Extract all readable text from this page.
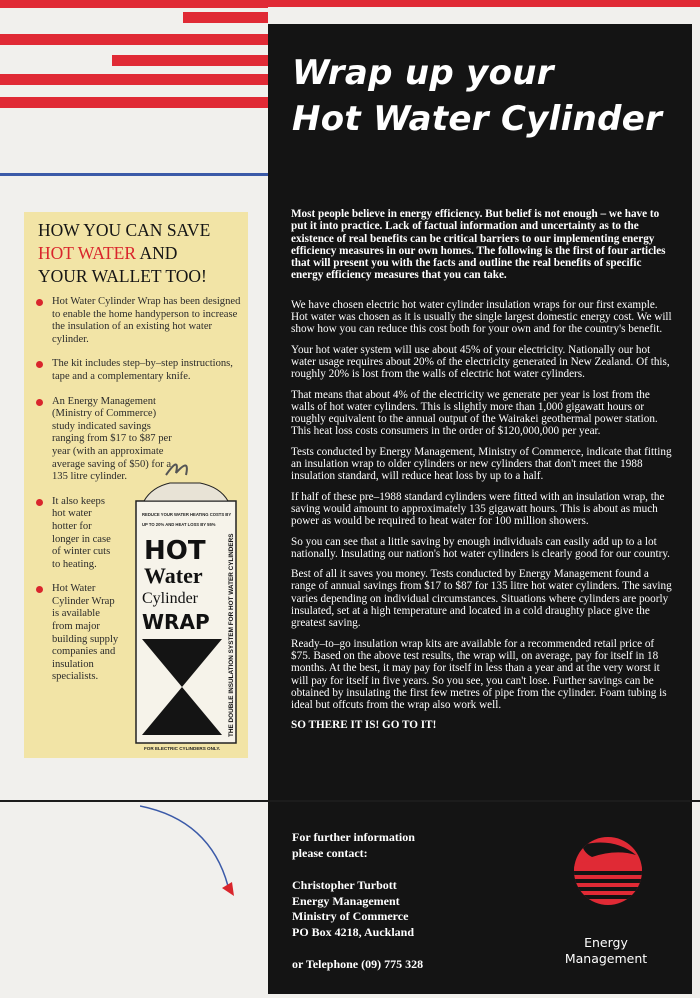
Wrap up your
Hot Water Cylinder
HOW YOU CAN SAVE
HOT WATER AND
YOUR WALLET TOO!
Hot Water Cylinder Wrap has been designed to enable the home handyperson to increase the insulation of an existing hot water cylinder.
The kit includes step–by–step instructions, tape and a complementary knife.
An Energy Management (Ministry of Commerce) study indicated savings ranging from $17 to $87 per year (with an approximate average saving of $50) for a 135 litre cylinder.
It also keeps hot water hotter for longer in case of winter cuts to heating.
Hot Water Cylinder Wrap is available from major building supply companies and insulation specialists.
REDUCE YOUR WATER HEATING COSTS BY
UP TO 20% AND HEAT LOSS BY 55%
HOT
Water
Cylinder
WRAP	THE DOUBLE INSULATION SYSTEM FOR HOT WATER CYLINDERS
FOR ELECTRIC CYLINDERS ONLY.

Most people believe in energy efficiency. But belief is not enough – we have to put it into practice. Lack of factual information and uncertainty as to the existence of real benefits can be critical barriers to our implementing energy efficiency measures in our own homes. The following is the first of four articles that will present you with the facts and outline the real benefits of specific energy efficiency measures that you can take.

We have chosen electric hot water cylinder insulation wraps for our first example. Hot water was chosen as it is usually the single largest domestic energy cost. We will show how you can reduce this cost both for your own and for the country's benefit.

Your hot water system will use about 45% of your electricity. Nationally our hot water usage requires about 20% of the electricity generated in New Zealand. Of this, roughly 20% is lost from the walls of electric hot water cylinders.

That means that about 4% of the electricity we generate per year is lost from the walls of hot water cylinders. This is slightly more than 1,000 gigawatt hours or roughly equivalent to the annual output of the Wairakei geothermal power station. This heat loss costs consumers in the order of $120,000,000 per year.

Tests conducted by Energy Management, Ministry of Commerce, indicate that fitting an insulation wrap to older cylinders or new cylinders that don't meet the 1988 insulation standard, will reduce heat loss by up to a half.

If half of these pre–1988 standard cylinders were fitted with an insulation wrap, the saving would amount to approximately 135 gigawatt hours. This is about as much power as would be required to heat water for 100 million showers.

So you can see that a little saving by enough individuals can easily add up to a lot nationally. Insulating our nation's hot water cylinders is clearly good for our country.

Best of all it saves you money. Tests conducted by Energy Management found a range of annual savings from $17 to $87 for 135 litre hot water cylinders. The saving varies depending on individual circumstances. Situations where cylinders are poorly insulated, set at a high temperature and located in a cold draughty place give the greatest saving.

Ready–to–go insulation wrap kits are available for a recommended retail price of $75. Based on the above test results, the wrap will, on average, pay for itself in 18 months. At the best, it may pay for itself in less than a year and at the very worst it will pay for itself in five years. So you see, you can't lose. Further savings can be obtained by insulating the first few metres of pipe from the cylinder. Foam tubing is ideal but offcuts from the wrap also work well.

SO THERE IT IS! GO TO IT!

For further information
please contact:
Christopher Turbott
Energy Management
Ministry of Commerce
PO Box 4218, Auckland
or Telephone (09) 775 328
Energy
Management
